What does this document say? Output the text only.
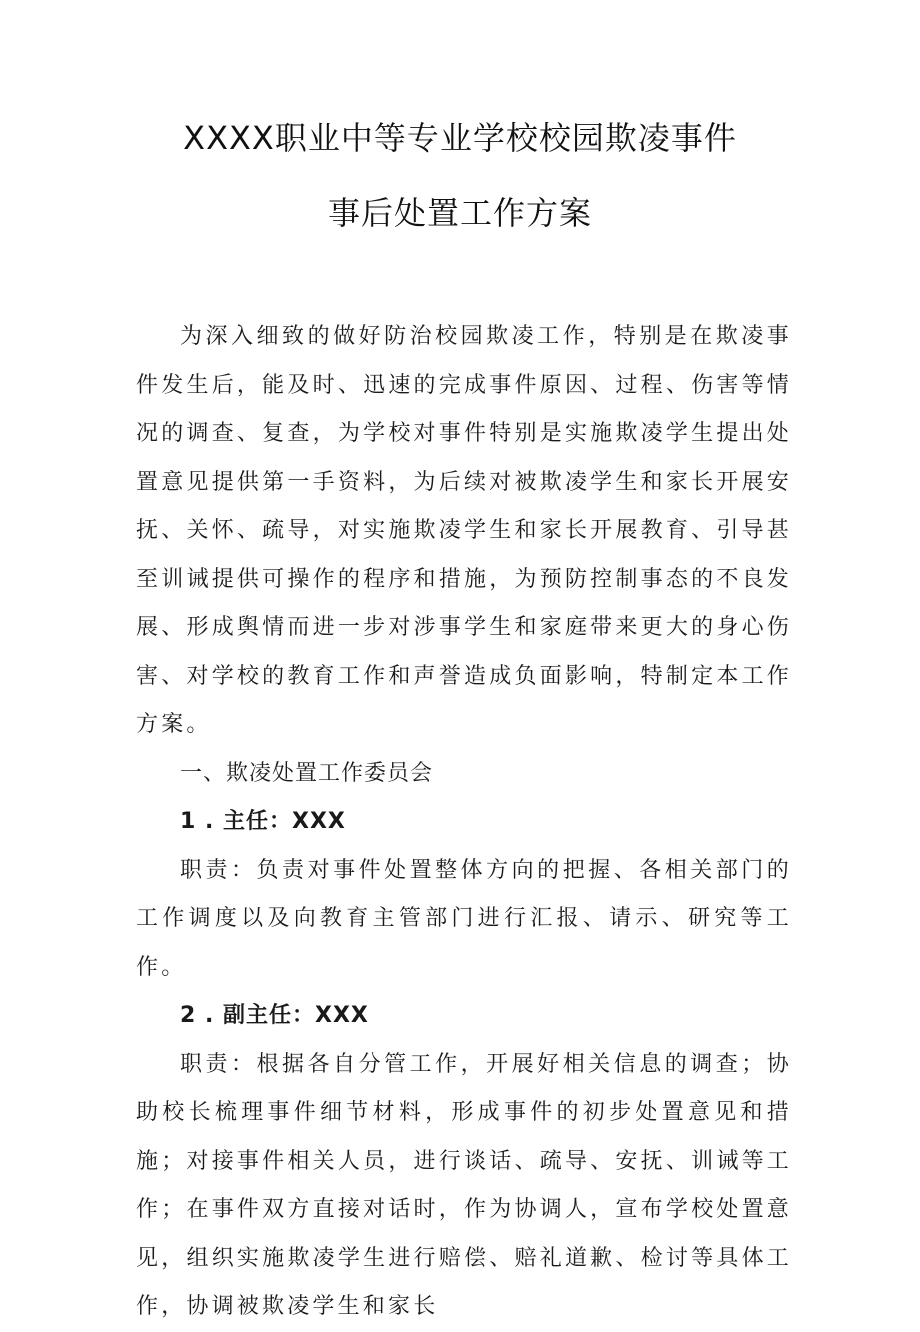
XXXX职业中等专业学校校园欺凌事件
事后处置工作方案

为深入细致的做好防治校园欺凌工作，特别是在欺凌事件发生后，能及时、迅速的完成事件原因、过程、伤害等情况的调查、复查，为学校对事件特别是实施欺凌学生提出处置意见提供第一手资料，为后续对被欺凌学生和家长开展安抚、关怀、疏导，对实施欺凌学生和家长开展教育、引导甚至训诫提供可操作的程序和措施，为预防控制事态的不良发展、形成舆情而进一步对涉事学生和家庭带来更大的身心伤害、对学校的教育工作和声誉造成负面影响，特制定本工作方案。

一、欺凌处置工作委员会

1 . 主任：XXX

职责：负责对事件处置整体方向的把握、各相关部门的工作调度以及向教育主管部门进行汇报、请示、研究等工作。

2 . 副主任：XXX

职责：根据各自分管工作，开展好相关信息的调查；协助校长梳理事件细节材料，形成事件的初步处置意见和措施；对接事件相关人员，进行谈话、疏导、安抚、训诫等工作；在事件双方直接对话时，作为协调人，宣布学校处置意见，组织实施欺凌学生进行赔偿、赔礼道歉、检讨等具体工作，协调被欺凌学生和家长
